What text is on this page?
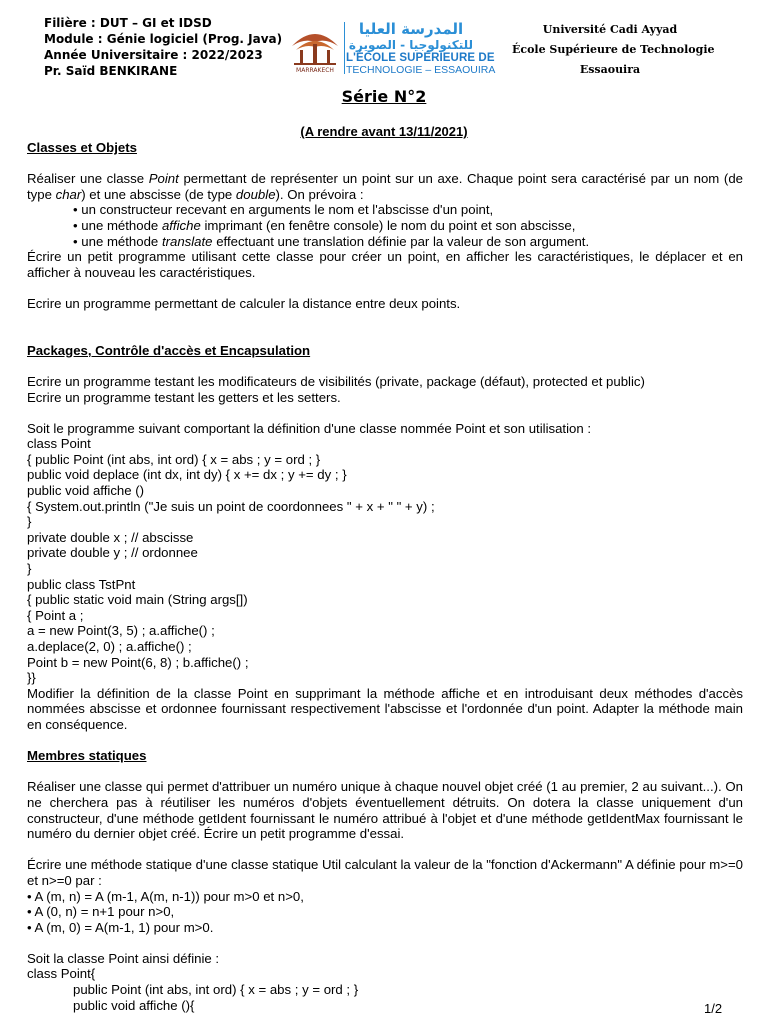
Filière : DUT – GI et IDSD
Module : Génie logiciel (Prog. Java)
Année Universitaire : 2022/2023
Pr. Saïd BENKIRANE	MARRAKECH
المدرسة العليا
للتكنولوجيا - الصويرة
L'ÉCOLE SUPÉRIEURE DE
TECHNOLOGIE – ESSAOUIRA
Université Cadi Ayyad
École Supérieure de Technologie
Essaouira
Série N°2
(A rendre avant 13/11/2021)

Classes et Objets

Réaliser une classe Point permettant de représenter un point sur un axe. Chaque point sera caractérisé par un nom (de type char) et une abscisse (de type double). On prévoira :

• un constructeur recevant en arguments le nom et l'abscisse d'un point,

• une méthode affiche imprimant (en fenêtre console) le nom du point et son abscisse,

• une méthode translate effectuant une translation définie par la valeur de son argument.

Écrire un petit programme utilisant cette classe pour créer un point, en afficher les caractéristiques, le déplacer et en afficher à nouveau les caractéristiques.

Ecrire un programme permettant de calculer la distance entre deux points.

Packages, Contrôle d'accès et Encapsulation

Ecrire un programme testant les modificateurs de visibilités (private, package (défaut), protected et public)

Ecrire un programme testant les getters et les setters.

Soit le programme suivant comportant la définition d'une classe nommée Point et son utilisation :

class Point

{ public Point (int abs, int ord) { x = abs ; y = ord ; }

public void deplace (int dx, int dy) { x += dx ; y += dy ; }

public void affiche ()

{ System.out.println ("Je suis un point de coordonnees " + x + " " + y) ;

}

private double x ; // abscisse

private double y ; // ordonnee

}

public class TstPnt

{ public static void main (String args[])

{ Point a ;

a = new Point(3, 5) ; a.affiche() ;

a.deplace(2, 0) ; a.affiche() ;

Point b = new Point(6, 8) ; b.affiche() ;

}}

Modifier la définition de la classe Point en supprimant la méthode affiche et en introduisant deux méthodes d'accès nommées abscisse et ordonnee fournissant respectivement l'abscisse et l'ordonnée d'un point. Adapter la méthode main en conséquence.

Membres statiques

Réaliser une classe qui permet d'attribuer un numéro unique à chaque nouvel objet créé (1 au premier, 2 au suivant...). On ne cherchera pas à réutiliser les numéros d'objets éventuellement détruits. On dotera la classe uniquement d'un constructeur, d'une méthode getIdent fournissant le numéro attribué à l'objet et d'une méthode getIdentMax fournissant le numéro du dernier objet créé. Écrire un petit programme d'essai.

Écrire une méthode statique d'une classe statique Util calculant la valeur de la "fonction d'Ackermann" A définie pour m>=0 et n>=0 par :

• A (m, n) = A (m-1, A(m, n-1)) pour m>0 et n>0,

• A (0, n) = n+1 pour n>0,

• A (m, 0) = A(m-1, 1) pour m>0.

Soit la classe Point ainsi définie :

class Point{

public Point (int abs, int ord) { x = abs ; y = ord ; }

public void affiche (){	1/2
